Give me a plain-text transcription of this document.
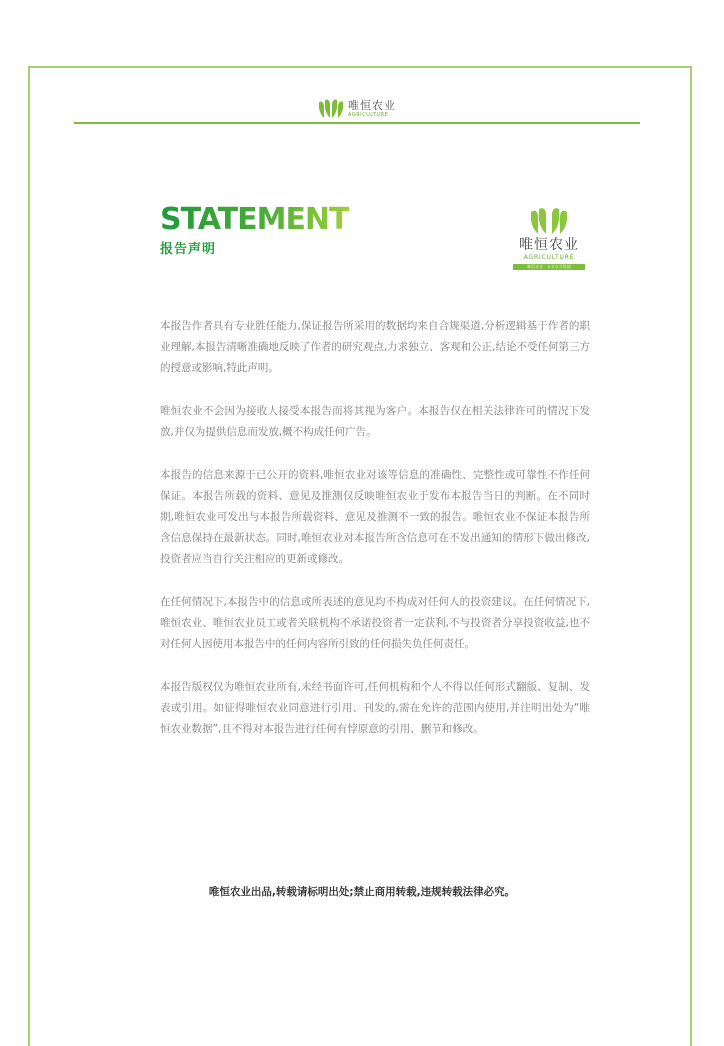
唯恒农业
AGRICULTURE
STATEMENT
报告声明	唯恒农业
AGRICULTURE
唯恒农业 · 专业农业数据

本报告作者具有专业胜任能力,保证报告所采用的数据均来自合规渠道,分析逻辑基于作者的职业理解,本报告清晰准确地反映了作者的研究观点,力求独立、客观和公正,结论不受任何第三方的授意或影响,特此声明。

唯恒农业不会因为接收人接受本报告而将其视为客户。本报告仅在相关法律许可的情况下发放,并仅为提供信息而发放,概不构成任何广告。

本报告的信息来源于已公开的资料,唯恒农业对该等信息的准确性、完整性或可靠性不作任何保证。本报告所载的资料、意见及推测仅反映唯恒农业于发布本报告当日的判断。在不同时期,唯恒农业可发出与本报告所载资料、意见及推测不一致的报告。唯恒农业不保证本报告所含信息保持在最新状态。同时,唯恒农业对本报告所含信息可在不发出通知的情形下做出修改,投资者应当自行关注相应的更新或修改。

在任何情况下,本报告中的信息或所表述的意见均不构成对任何人的投资建议。在任何情况下,唯恒农业、唯恒农业员工或者关联机构不承诺投资者一定获利,不与投资者分享投资收益,也不对任何人因使用本报告中的任何内容所引致的任何损失负任何责任。

本报告版权仅为唯恒农业所有,未经书面许可,任何机构和个人不得以任何形式翻版、复制、发表或引用。如征得唯恒农业同意进行引用、刊发的,需在允许的范围内使用,并注明出处为“唯恒农业数据”,且不得对本报告进行任何有悖原意的引用、删节和修改。

唯恒农业出品,转载请标明出处;禁止商用转载,违规转载法律必究。
